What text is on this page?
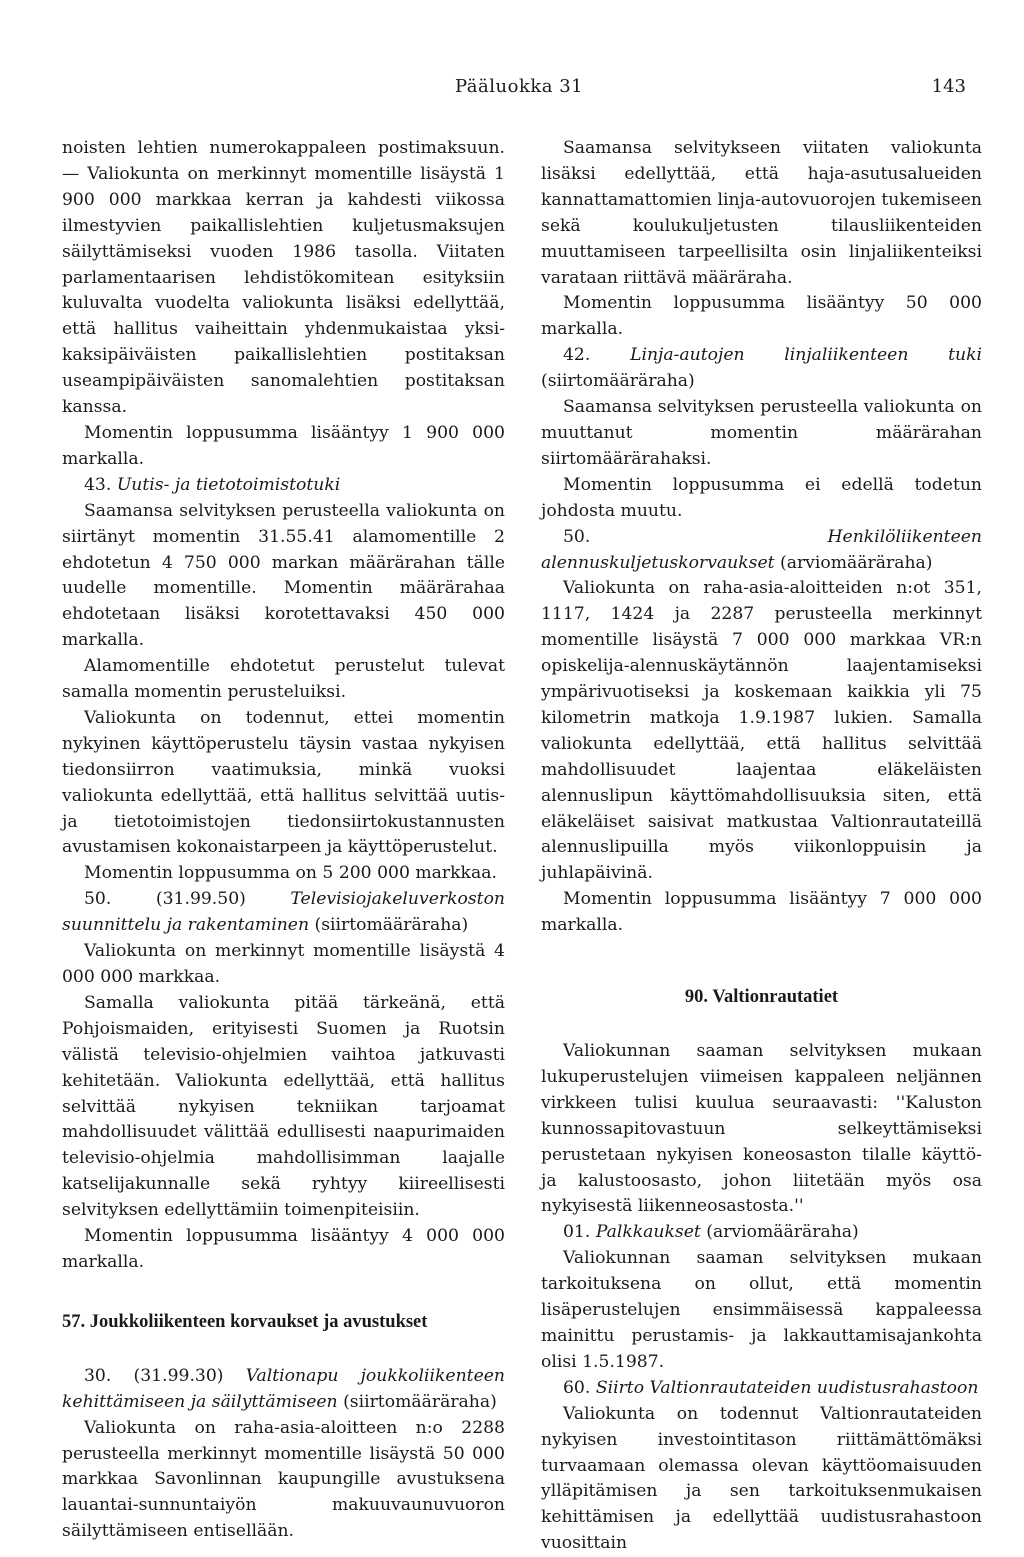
Pääluokka 31	143

noisten lehtien numerokappaleen postimaksuun. — Valiokunta on merkinnyt momentille lisäystä 1 900 000 markkaa kerran ja kahdesti viikossa ilmestyvien paikallislehtien kuljetusmaksujen säilyttämiseksi vuoden 1986 tasolla. Viitaten parlamentaarisen lehdistökomitean esityksiin kuluvalta vuodelta valiokunta lisäksi edellyttää, että hallitus vaiheittain yhdenmukaistaa yksi-kaksipäiväisten paikallislehtien postitaksan useampipäiväisten sanomalehtien postitaksan kanssa.

Momentin loppusumma lisääntyy 1 900 000 markalla.

43. Uutis- ja tietotoimistotuki

Saamansa selvityksen perusteella valiokunta on siirtänyt momentin 31.55.41 alamomentille 2 ehdotetun 4 750 000 markan määrärahan tälle uudelle momentille. Momentin määrärahaa ehdotetaan lisäksi korotettavaksi 450 000 markalla.

Alamomentille ehdotetut perustelut tulevat samalla momentin perusteluiksi.

Valiokunta on todennut, ettei momentin nykyinen käyttöperustelu täysin vastaa nykyisen tiedonsiirron vaatimuksia, minkä vuoksi valiokunta edellyttää, että hallitus selvittää uutis- ja tietotoimistojen tiedonsiirtokustannusten avustamisen kokonaistarpeen ja käyttöperustelut.

Momentin loppusumma on 5 200 000 markkaa.

50. (31.99.50) Televisiojakeluverkoston suunnittelu ja rakentaminen (siirtomääräraha)

Valiokunta on merkinnyt momentille lisäystä 4 000 000 markkaa.

Samalla valiokunta pitää tärkeänä, että Pohjoismaiden, erityisesti Suomen ja Ruotsin välistä televisio-ohjelmien vaihtoa jatkuvasti kehitetään. Valiokunta edellyttää, että hallitus selvittää nykyisen tekniikan tarjoamat mahdollisuudet välittää edullisesti naapurimaiden televisio-ohjelmia mahdollisimman laajalle katselijakunnalle sekä ryhtyy kiireellisesti selvityksen edellyttämiin toimenpiteisiin.

Momentin loppusumma lisääntyy 4 000 000 markalla.

57. Joukkoliikenteen korvaukset ja avustukset

30. (31.99.30) Valtionapu joukkoliikenteen kehittämiseen ja säilyttämiseen (siirtomääräraha)

Valiokunta on raha-asia-aloitteen n:o 2288 perusteella merkinnyt momentille lisäystä 50 000 markkaa Savonlinnan kaupungille avustuksena lauantai-sunnuntaiyön makuuvaunuvuoron säilyttämiseen entisellään.

Saamansa selvitykseen viitaten valiokunta lisäksi edellyttää, että haja-asutusalueiden kannattamattomien linja-autovuorojen tukemiseen sekä koulukuljetusten tilausliikenteiden muuttamiseen tarpeellisilta osin linjaliikenteiksi varataan riittävä määräraha.

Momentin loppusumma lisääntyy 50 000 markalla.

42. Linja-autojen linjaliikenteen tuki (siirtomääräraha)

Saamansa selvityksen perusteella valiokunta on muuttanut momentin määrärahan siirtomäärärahaksi.

Momentin loppusumma ei edellä todetun johdosta muutu.

50. Henkilöliikenteen alennuskuljetuskorvaukset (arviomääräraha)

Valiokunta on raha-asia-aloitteiden n:ot 351, 1117, 1424 ja 2287 perusteella merkinnyt momentille lisäystä 7 000 000 markkaa VR:n opiskelija-alennuskäytännön laajentamiseksi ympärivuotiseksi ja koskemaan kaikkia yli 75 kilometrin matkoja 1.9.1987 lukien. Samalla valiokunta edellyttää, että hallitus selvittää mahdollisuudet laajentaa eläkeläisten alennuslipun käyttömahdollisuuksia siten, että eläkeläiset saisivat matkustaa Valtionrautateillä alennuslipuilla myös viikonloppuisin ja juhlapäivinä.

Momentin loppusumma lisääntyy 7 000 000 markalla.

90. Valtionrautatiet

Valiokunnan saaman selvityksen mukaan lukuperustelujen viimeisen kappaleen neljännen virkkeen tulisi kuulua seuraavasti: ''Kaluston kunnossapitovastuun selkeyttämiseksi perustetaan nykyisen koneosaston tilalle käyttö- ja kalustoosasto, johon liitetään myös osa nykyisestä liikenneosastosta.''

01. Palkkaukset (arviomääräraha)

Valiokunnan saaman selvityksen mukaan tarkoituksena on ollut, että momentin lisäperustelujen ensimmäisessä kappaleessa mainittu perustamis- ja lakkauttamisajankohta olisi 1.5.1987.

60. Siirto Valtionrautateiden uudistusrahastoon

Valiokunta on todennut Valtionrautateiden nykyisen investointitason riittämättömäksi turvaamaan olemassa olevan käyttöomaisuuden ylläpitämisen ja sen tarkoituksenmukaisen kehittämisen ja edellyttää uudistusrahastoon vuosittain
